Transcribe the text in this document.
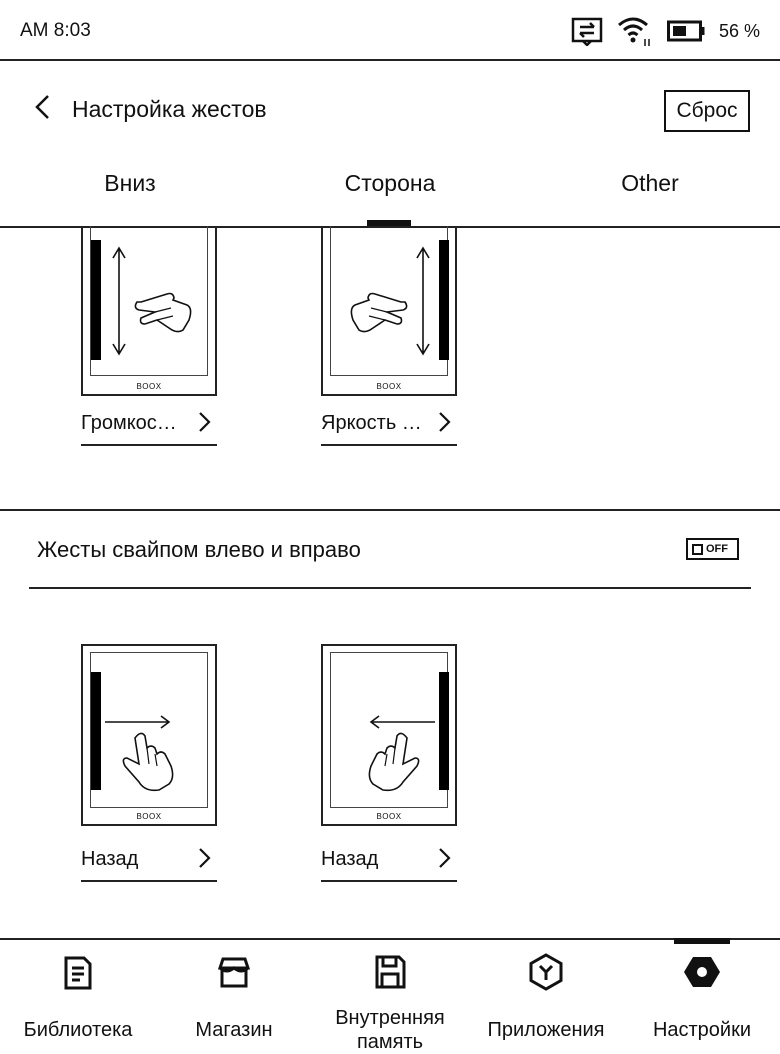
AM 8:03	56 %
Настройка жестов	Сброс
Вниз	Сторона	Other
BOOX
Громкос…
BOOX
Яркость …
Жесты свайпом влево и вправо	OFF
BOOX
Назад
BOOX
Назад
Библиотека	Магазин
Внутренняя память
Приложения	Настройки
